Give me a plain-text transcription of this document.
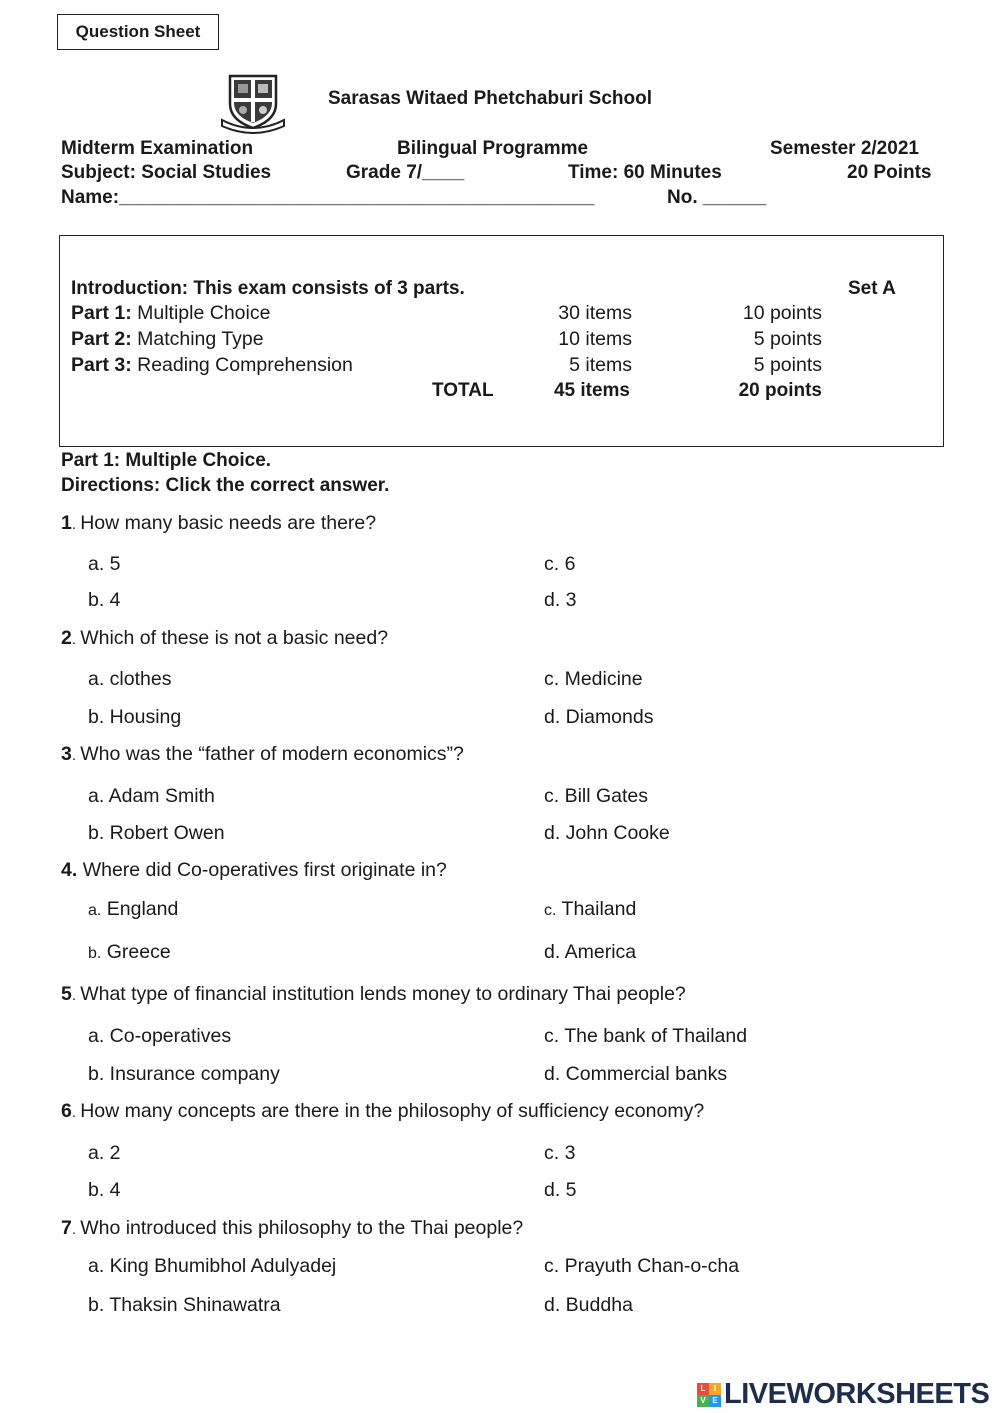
Question Sheet
Sarasas Witaed Phetchaburi School
Midterm Examination	Bilingual Programme	Semester 2/2021
Subject: Social Studies	Grade 7/____	Time: 60 Minutes	20 Points
Name:_____________________________________________	No. ______
Introduction: This exam consists of 3 parts.	Set A
Part 1: Multiple Choice	30 items	10 points
Part 2: Matching Type	10 items	5 points
Part 3: Reading Comprehension	5 items	5 points
TOTAL	45 items	20 points
Part 1: Multiple Choice.
Directions: Click the correct answer.
1. How many basic needs are there?
a. 5	c. 6
b. 4	d. 3
2. Which of these is not a basic need?
a. clothes	c. Medicine
b. Housing	d. Diamonds
3. Who was the “father of modern economics”?
a. Adam Smith	c. Bill Gates
b. Robert Owen	d. John Cooke
4. Where did Co-operatives first originate in?
a. England	c. Thailand
b. Greece	d. America
5. What type of financial institution lends money to ordinary Thai people?
a. Co-operatives	c. The bank of Thailand
b. Insurance company	d. Commercial banks
6. How many concepts are there in the philosophy of sufficiency economy?
a. 2	c. 3
b. 4	d. 5
7. Who introduced this philosophy to the Thai people?
a. King Bhumibhol Adulyadej	c. Prayuth Chan-o-cha
b. Thaksin Shinawatra	d. Buddha
L	I
V E LIVEWORKSHEETS
